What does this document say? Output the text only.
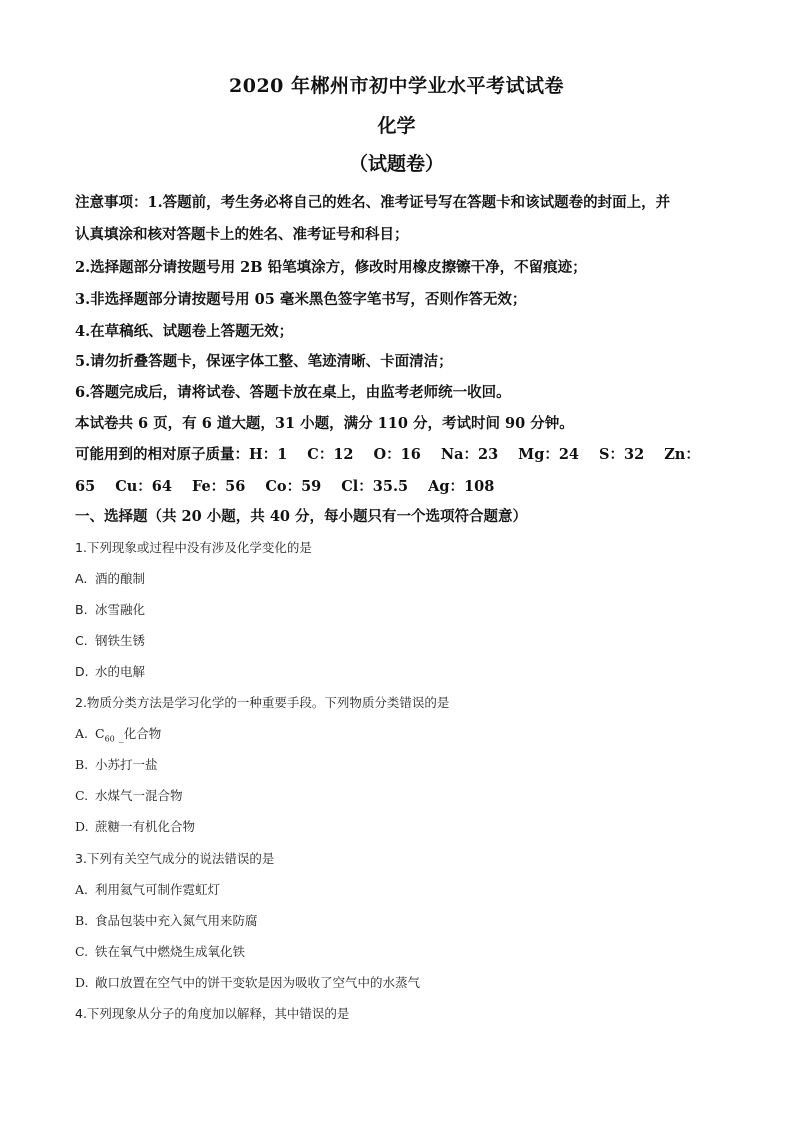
2020 年郴州市初中学业水平考试试卷
化学
（试题卷）
注意事项：1.答题前，考生务必将自己的姓名、准考证号写在答题卡和该试题卷的封面上，并
认真填涂和核对答题卡上的姓名、准考证号和科目；
2.选择题部分请按题号用 2B 铅笔填涂方，修改时用橡皮擦镲干净，不留痕迹；
3.非选择题部分请按题号用 05 毫米黑色签字笔书写，否则作答无效；
4.在草稿纸、试题卷上答题无效；
5.请勿折叠答题卡，保诬字体工整、笔迹清晰、卡面清洁；
6.答题完成后，请将试卷、答题卡放在桌上，由监考老师统一收回。
本试卷共 6 页，有 6 道大题，31 小题，满分 110 分，考试时间 90 分钟。
可能用到的相对原子质量：H：1 C：12 O：16 Na：23 Mg：24 S：32 Zn：
65 Cu：64 Fe：56 Co：59 Cl：35.5 Ag：108
一、选择题（共 20 小题，共 40 分，每小题只有一个选项符合题意）
1.下列现象或过程中没有涉及化学变化的是
A. 酒的酿制
B. 冰雪融化
C. 钢铁生锈
D. 水的电解
2.物质分类方法是学习化学的一种重要手段。下列物质分类错误的是
A. $C_{60}$ _化合物
B. 小苏打一盐
C. 水煤气一混合物
D. 蔗糖一有机化合物
3.下列有关空气成分的说法错误的是
A. 利用氦气可制作霓虹灯
B. 食品包装中充入氮气用来防腐
C. 铁在氧气中燃烧生成氧化铁
D. 敞口放置在空气中的饼干变软是因为吸收了空气中的水蒸气
4.下列现象从分子的角度加以解释，其中错误的是
